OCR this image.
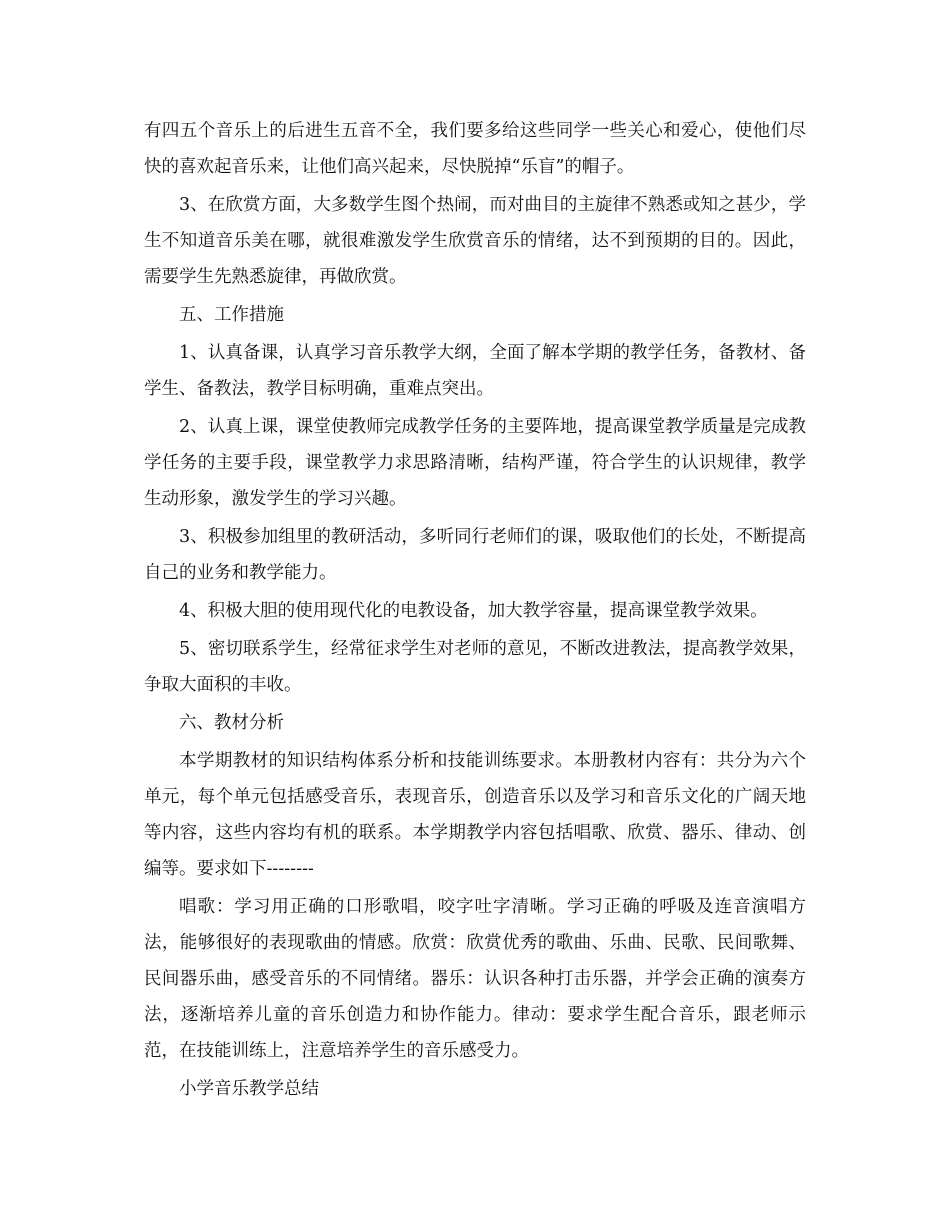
有四五个音乐上的后进生五音不全，我们要多给这些同学一些关心和爱心，使他们尽快的喜欢起音乐来，让他们高兴起来，尽快脱掉“乐盲”的帽子。

3、在欣赏方面，大多数学生图个热闹，而对曲目的主旋律不熟悉或知之甚少，学生不知道音乐美在哪，就很难激发学生欣赏音乐的情绪，达不到预期的目的。因此，需要学生先熟悉旋律，再做欣赏。

五、工作措施

1、认真备课，认真学习音乐教学大纲，全面了解本学期的教学任务，备教材、备学生、备教法，教学目标明确，重难点突出。

2、认真上课，课堂使教师完成教学任务的主要阵地，提高课堂教学质量是完成教学任务的主要手段，课堂教学力求思路清晰，结构严谨，符合学生的认识规律，教学生动形象，激发学生的学习兴趣。

3、积极参加组里的教研活动，多听同行老师们的课，吸取他们的长处，不断提高自己的业务和教学能力。

4、积极大胆的使用现代化的电教设备，加大教学容量，提高课堂教学效果。

5、密切联系学生，经常征求学生对老师的意见，不断改进教法，提高教学效果，争取大面积的丰收。

六、教材分析

本学期教材的知识结构体系分析和技能训练要求。本册教材内容有：共分为六个单元，每个单元包括感受音乐，表现音乐，创造音乐以及学习和音乐文化的广阔天地等内容，这些内容均有机的联系。本学期教学内容包括唱歌、欣赏、器乐、律动、创编等。要求如下--------

唱歌：学习用正确的口形歌唱，咬字吐字清晰。学习正确的呼吸及连音演唱方法，能够很好的表现歌曲的情感。欣赏：欣赏优秀的歌曲、乐曲、民歌、民间歌舞、民间器乐曲，感受音乐的不同情绪。器乐：认识各种打击乐器，并学会正确的演奏方法，逐渐培养儿童的音乐创造力和协作能力。律动：要求学生配合音乐，跟老师示范，在技能训练上，注意培养学生的音乐感受力。

小学音乐教学总结
